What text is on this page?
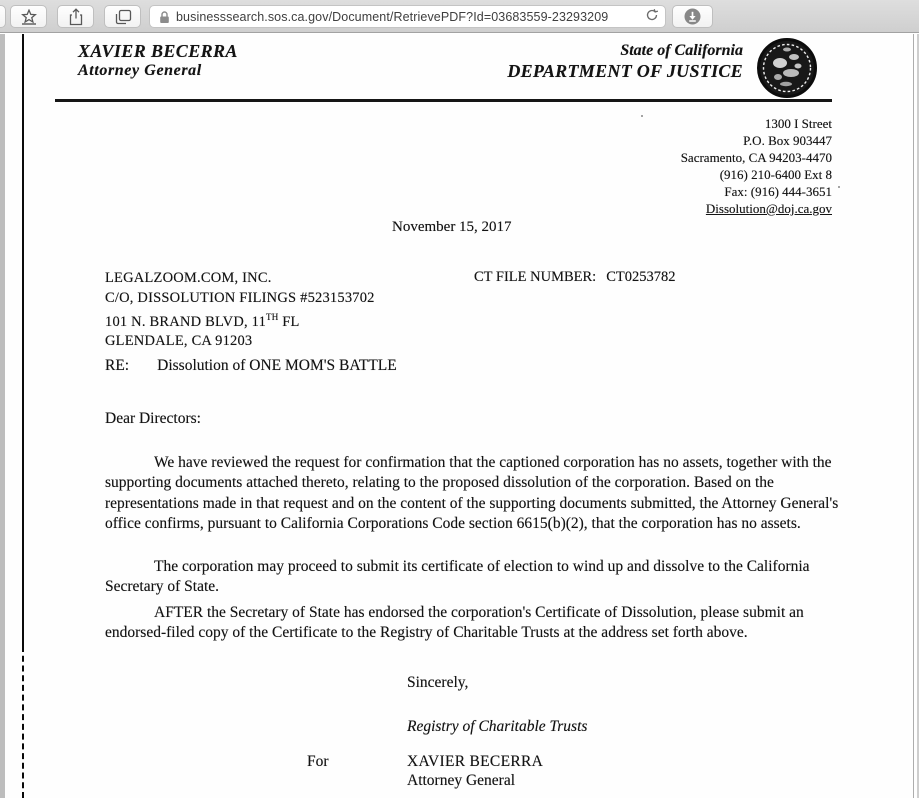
businesssearch.sos.ca.gov/Document/RetrievePDF?Id=03683559-23293209
XAVIER BECERRA
Attorney General
State of California
DEPARTMENT OF JUSTICE
1300 I Street
P.O. Box 903447
Sacramento, CA 94203-4470
(916) 210-6400 Ext 8
Fax: (916) 444-3651
Dissolution@doj.ca.gov
November 15, 2017
LEGALZOOM.COM, INC.
C/O, DISSOLUTION FILINGS #523153702
101 N. BRAND BLVD, 11TH FL
GLENDALE, CA 91203
CT FILE NUMBER: CT0253782
RE: Dissolution of ONE MOM'S BATTLE
Dear Directors:

We have reviewed the request for confirmation that the captioned corporation has no assets, together with the supporting documents attached thereto, relating to the proposed dissolution of the corporation. Based on the representations made in that request and on the content of the supporting documents submitted, the Attorney General's office confirms, pursuant to California Corporations Code section 6615(b)(2), that the corporation has no assets.

The corporation may proceed to submit its certificate of election to wind up and dissolve to the California Secretary of State.

AFTER the Secretary of State has endorsed the corporation's Certificate of Dissolution, please submit an endorsed-filed copy of the Certificate to the Registry of Charitable Trusts at the address set forth above.

Sincerely,
Registry of Charitable Trusts
For	XAVIER BECERRA
Attorney General
